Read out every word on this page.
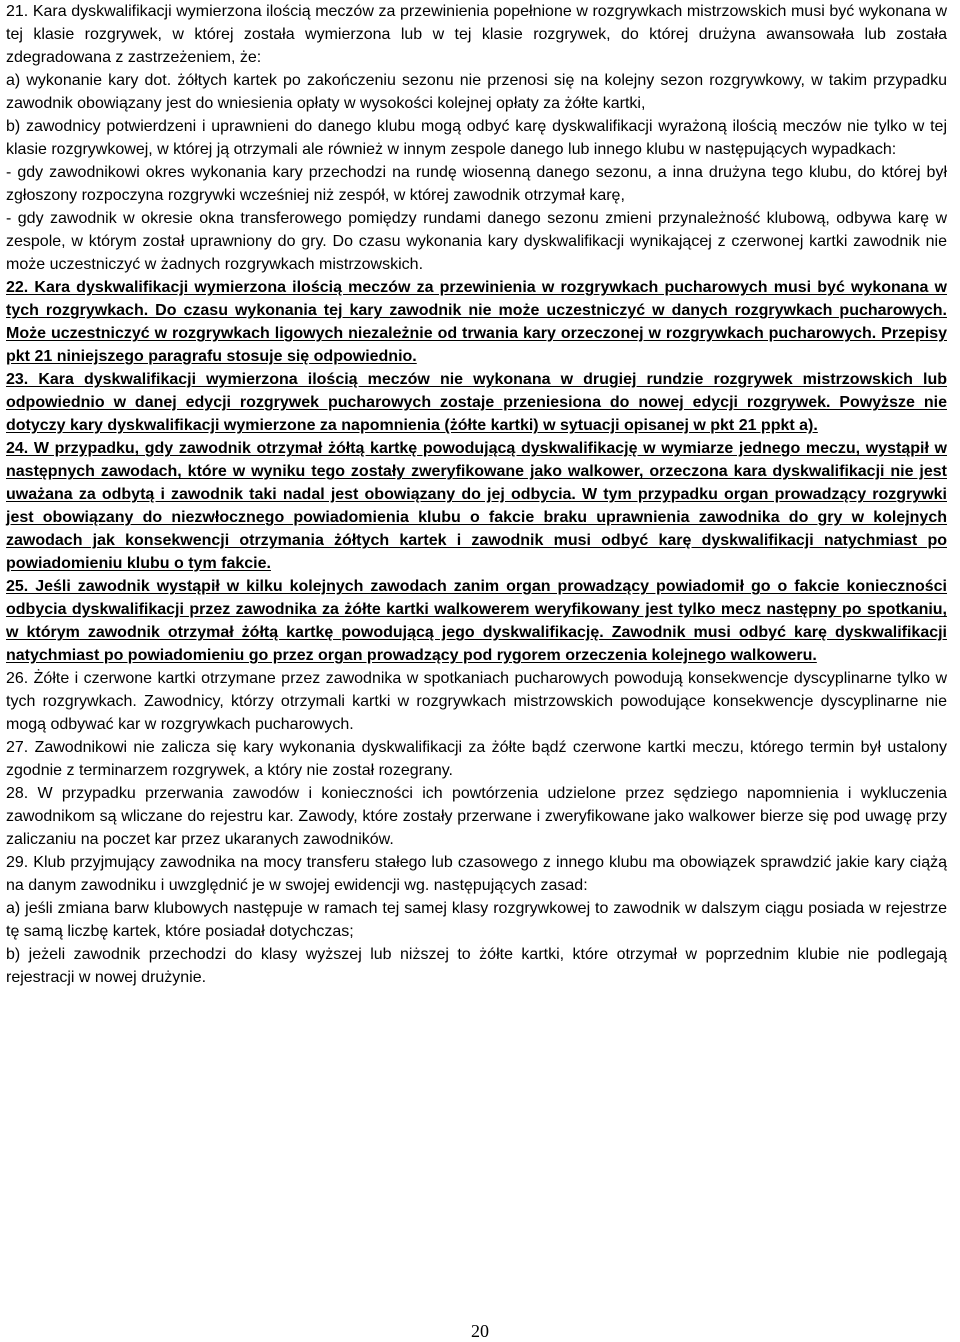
21. Kara dyskwalifikacji wymierzona ilością meczów za przewinienia popełnione w rozgrywkach mistrzowskich musi być wykonana w tej klasie rozgrywek, w której została wymierzona lub w tej klasie rozgrywek, do której drużyna awansowała lub została zdegradowana z zastrzeżeniem, że:

a) wykonanie kary dot. żółtych kartek po zakończeniu sezonu nie przenosi się na kolejny sezon rozgrywkowy, w takim przypadku zawodnik obowiązany jest do wniesienia opłaty w wysokości kolejnej opłaty za żółte kartki,

b) zawodnicy potwierdzeni i uprawnieni do danego klubu mogą odbyć karę dyskwalifikacji wyrażoną ilością meczów nie tylko w tej klasie rozgrywkowej, w której ją otrzymali ale również w innym zespole danego lub innego klubu w następujących wypadkach:

- gdy zawodnikowi okres wykonania kary przechodzi na rundę wiosenną danego sezonu, a inna drużyna tego klubu, do której był zgłoszony rozpoczyna rozgrywki wcześniej niż zespół, w której zawodnik otrzymał karę,

- gdy zawodnik w okresie okna transferowego pomiędzy rundami danego sezonu zmieni przynależność klubową, odbywa karę w zespole, w którym został uprawniony do gry. Do czasu wykonania kary dyskwalifikacji wynikającej z czerwonej kartki zawodnik nie może uczestniczyć w żadnych rozgrywkach mistrzowskich.

22. Kara dyskwalifikacji wymierzona ilością meczów za przewinienia w rozgrywkach pucharowych musi być wykonana w tych rozgrywkach. Do czasu wykonania tej kary zawodnik nie może uczestniczyć w danych rozgrywkach pucharowych. Może uczestniczyć w rozgrywkach ligowych niezależnie od trwania kary orzeczonej w rozgrywkach pucharowych. Przepisy pkt 21 niniejszego paragrafu stosuje się odpowiednio.

23. Kara dyskwalifikacji wymierzona ilością meczów nie wykonana w drugiej rundzie rozgrywek mistrzowskich lub odpowiednio w danej edycji rozgrywek pucharowych zostaje przeniesiona do nowej edycji rozgrywek. Powyższe nie dotyczy kary dyskwalifikacji wymierzone za napomnienia (żółte kartki) w sytuacji opisanej w pkt 21 ppkt a).

24. W przypadku, gdy zawodnik otrzymał żółtą kartkę powodującą dyskwalifikację w wymiarze jednego meczu, wystąpił w następnych zawodach, które w wyniku tego zostały zweryfikowane jako walkower, orzeczona kara dyskwalifikacji nie jest uważana za odbytą i zawodnik taki nadal jest obowiązany do jej odbycia. W tym przypadku organ prowadzący rozgrywki jest obowiązany do niezwłocznego powiadomienia klubu o fakcie braku uprawnienia zawodnika do gry w kolejnych zawodach jak konsekwencji otrzymania żółtych kartek i zawodnik musi odbyć karę dyskwalifikacji natychmiast po powiadomieniu klubu o tym fakcie.

25. Jeśli zawodnik wystąpił w kilku kolejnych zawodach zanim organ prowadzący powiadomił go o fakcie konieczności odbycia dyskwalifikacji przez zawodnika za żółte kartki walkowerem weryfikowany jest tylko mecz następny po spotkaniu, w którym zawodnik otrzymał żółtą kartkę powodującą jego dyskwalifikację. Zawodnik musi odbyć karę dyskwalifikacji natychmiast po powiadomieniu go przez organ prowadzący pod rygorem orzeczenia kolejnego walkoweru.

26. Żółte i czerwone kartki otrzymane przez zawodnika w spotkaniach pucharowych powodują konsekwencje dyscyplinarne tylko w tych rozgrywkach. Zawodnicy, którzy otrzymali kartki w rozgrywkach mistrzowskich powodujące konsekwencje dyscyplinarne nie mogą odbywać kar w rozgrywkach pucharowych.

27. Zawodnikowi nie zalicza się kary wykonania dyskwalifikacji za żółte bądź czerwone kartki meczu, którego termin był ustalony zgodnie z terminarzem rozgrywek, a który nie został rozegrany.

28. W przypadku przerwania zawodów i konieczności ich powtórzenia udzielone przez sędziego napomnienia i wykluczenia zawodnikom są wliczane do rejestru kar. Zawody, które zostały przerwane i zweryfikowane jako walkower bierze się pod uwagę przy zaliczaniu na poczet kar przez ukaranych zawodników.

29. Klub przyjmujący zawodnika na mocy transferu stałego lub czasowego z innego klubu ma obowiązek sprawdzić jakie kary ciążą na danym zawodniku i uwzględnić je w swojej ewidencji wg. następujących zasad:

a) jeśli zmiana barw klubowych następuje w ramach tej samej klasy rozgrywkowej to zawodnik w dalszym ciągu posiada w rejestrze tę samą liczbę kartek, które posiadał dotychczas;

b) jeżeli zawodnik przechodzi do klasy wyższej lub niższej to żółte kartki, które otrzymał w poprzednim klubie nie podlegają rejestracji w nowej drużynie.

20
